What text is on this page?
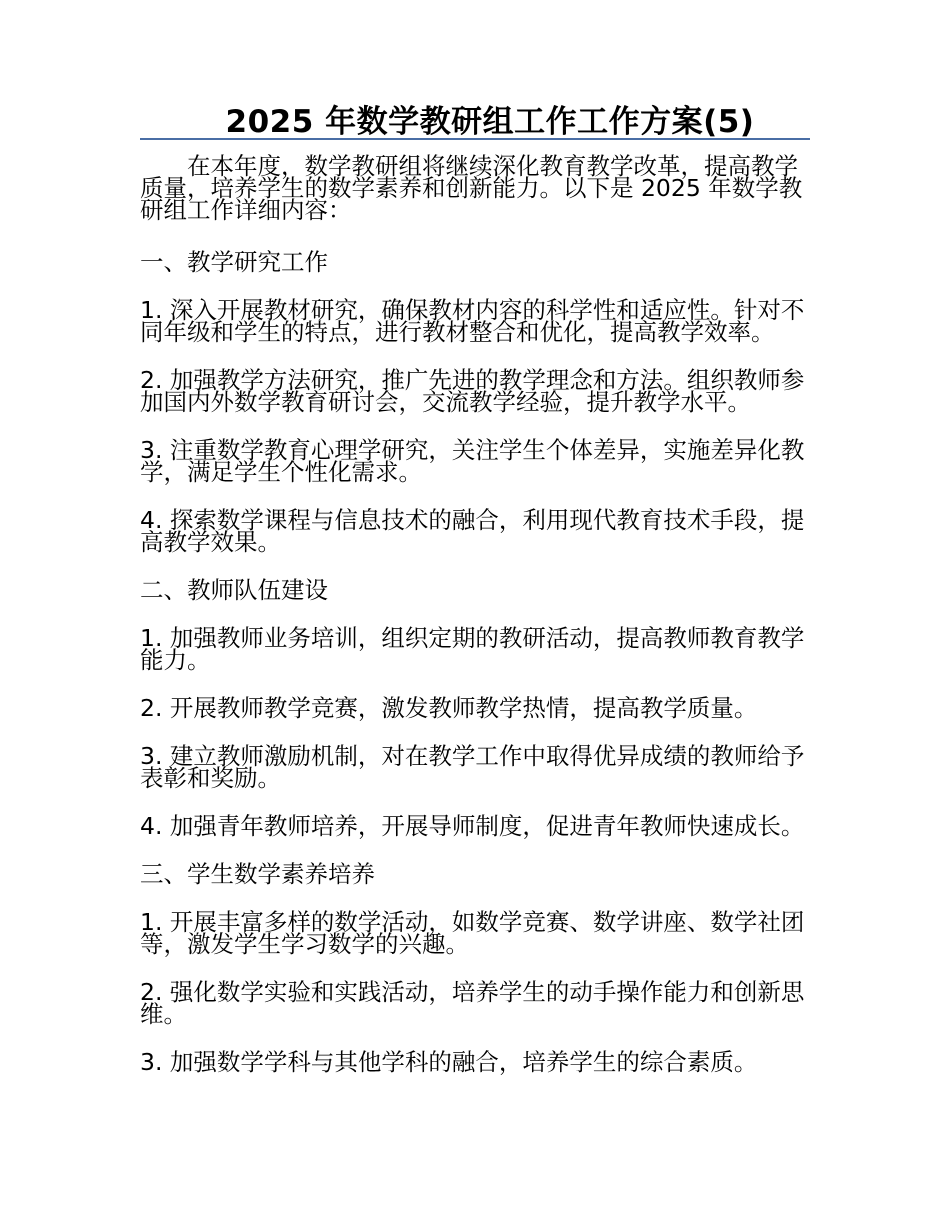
2025 年数学教研组工作工作方案(5)

在本年度，数学教研组将继续深化教育教学改革，提高教学质量，培养学生的数学素养和创新能力。以下是 2025 年数学教研组工作详细内容：

一、教学研究工作

1. 深入开展教材研究，确保教材内容的科学性和适应性。针对不同年级和学生的特点，进行教材整合和优化，提高教学效率。

2. 加强教学方法研究，推广先进的教学理念和方法。组织教师参加国内外数学教育研讨会，交流教学经验，提升教学水平。

3. 注重数学教育心理学研究，关注学生个体差异，实施差异化教学，满足学生个性化需求。

4. 探索数学课程与信息技术的融合，利用现代教育技术手段，提高教学效果。

二、教师队伍建设

1. 加强教师业务培训，组织定期的教研活动，提高教师教育教学能力。

2. 开展教师教学竞赛，激发教师教学热情，提高教学质量。

3. 建立教师激励机制，对在教学工作中取得优异成绩的教师给予表彰和奖励。

4. 加强青年教师培养，开展导师制度，促进青年教师快速成长。

三、学生数学素养培养

1. 开展丰富多样的数学活动，如数学竞赛、数学讲座、数学社团等，激发学生学习数学的兴趣。

2. 强化数学实验和实践活动，培养学生的动手操作能力和创新思维。

3. 加强数学学科与其他学科的融合，培养学生的综合素质。
